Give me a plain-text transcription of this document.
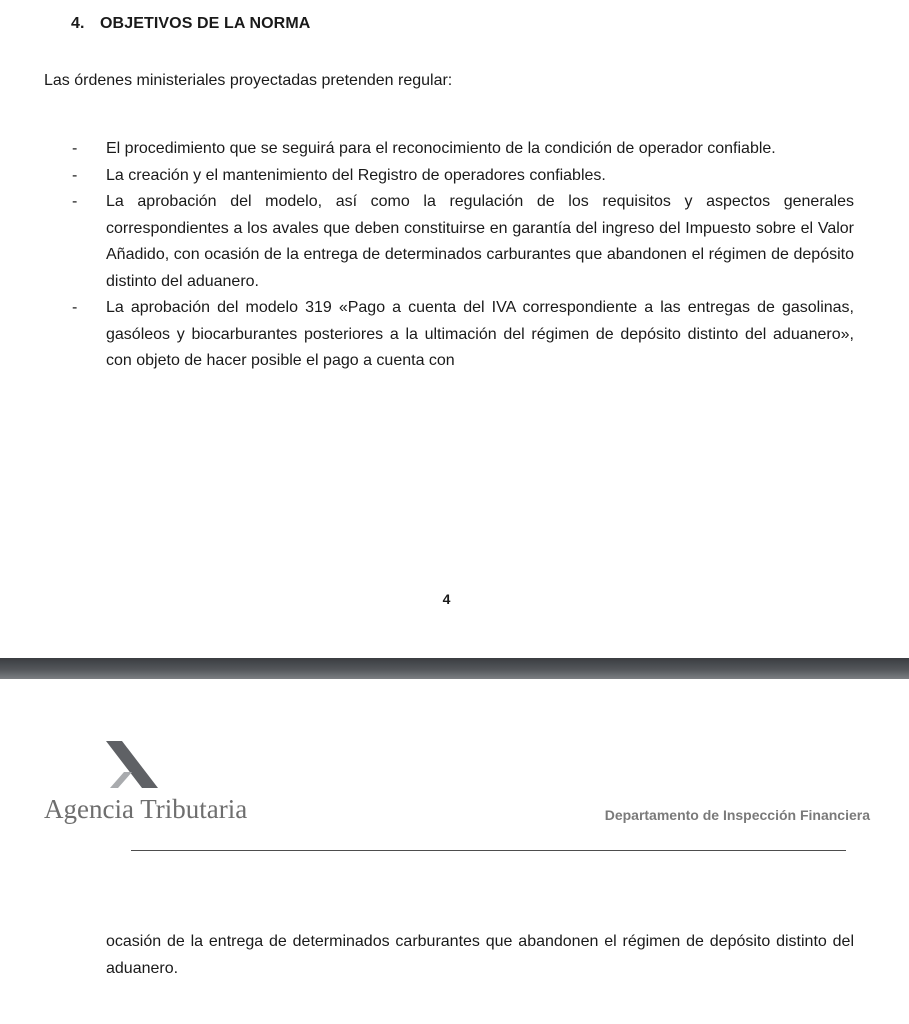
4. OBJETIVOS DE LA NORMA
Las órdenes ministeriales proyectadas pretenden regular:
- El procedimiento que se seguirá para el reconocimiento de la condición de operador confiable.
- La creación y el mantenimiento del Registro de operadores confiables.
- La aprobación del modelo, así como la regulación de los requisitos y aspectos generales correspondientes a los avales que deben constituirse en garantía del ingreso del Impuesto sobre el Valor Añadido, con ocasión de la entrega de determinados carburantes que abandonen el régimen de depósito distinto del aduanero.
- La aprobación del modelo 319 «Pago a cuenta del IVA correspondiente a las entregas de gasolinas, gasóleos y biocarburantes posteriores a la ultimación del régimen de depósito distinto del aduanero», con objeto de hacer posible el pago a cuenta con
4
Agencia Tributaria	Departamento de Inspección Financiera

ocasión de la entrega de determinados carburantes que abandonen el régimen de depósito distinto del aduanero.
